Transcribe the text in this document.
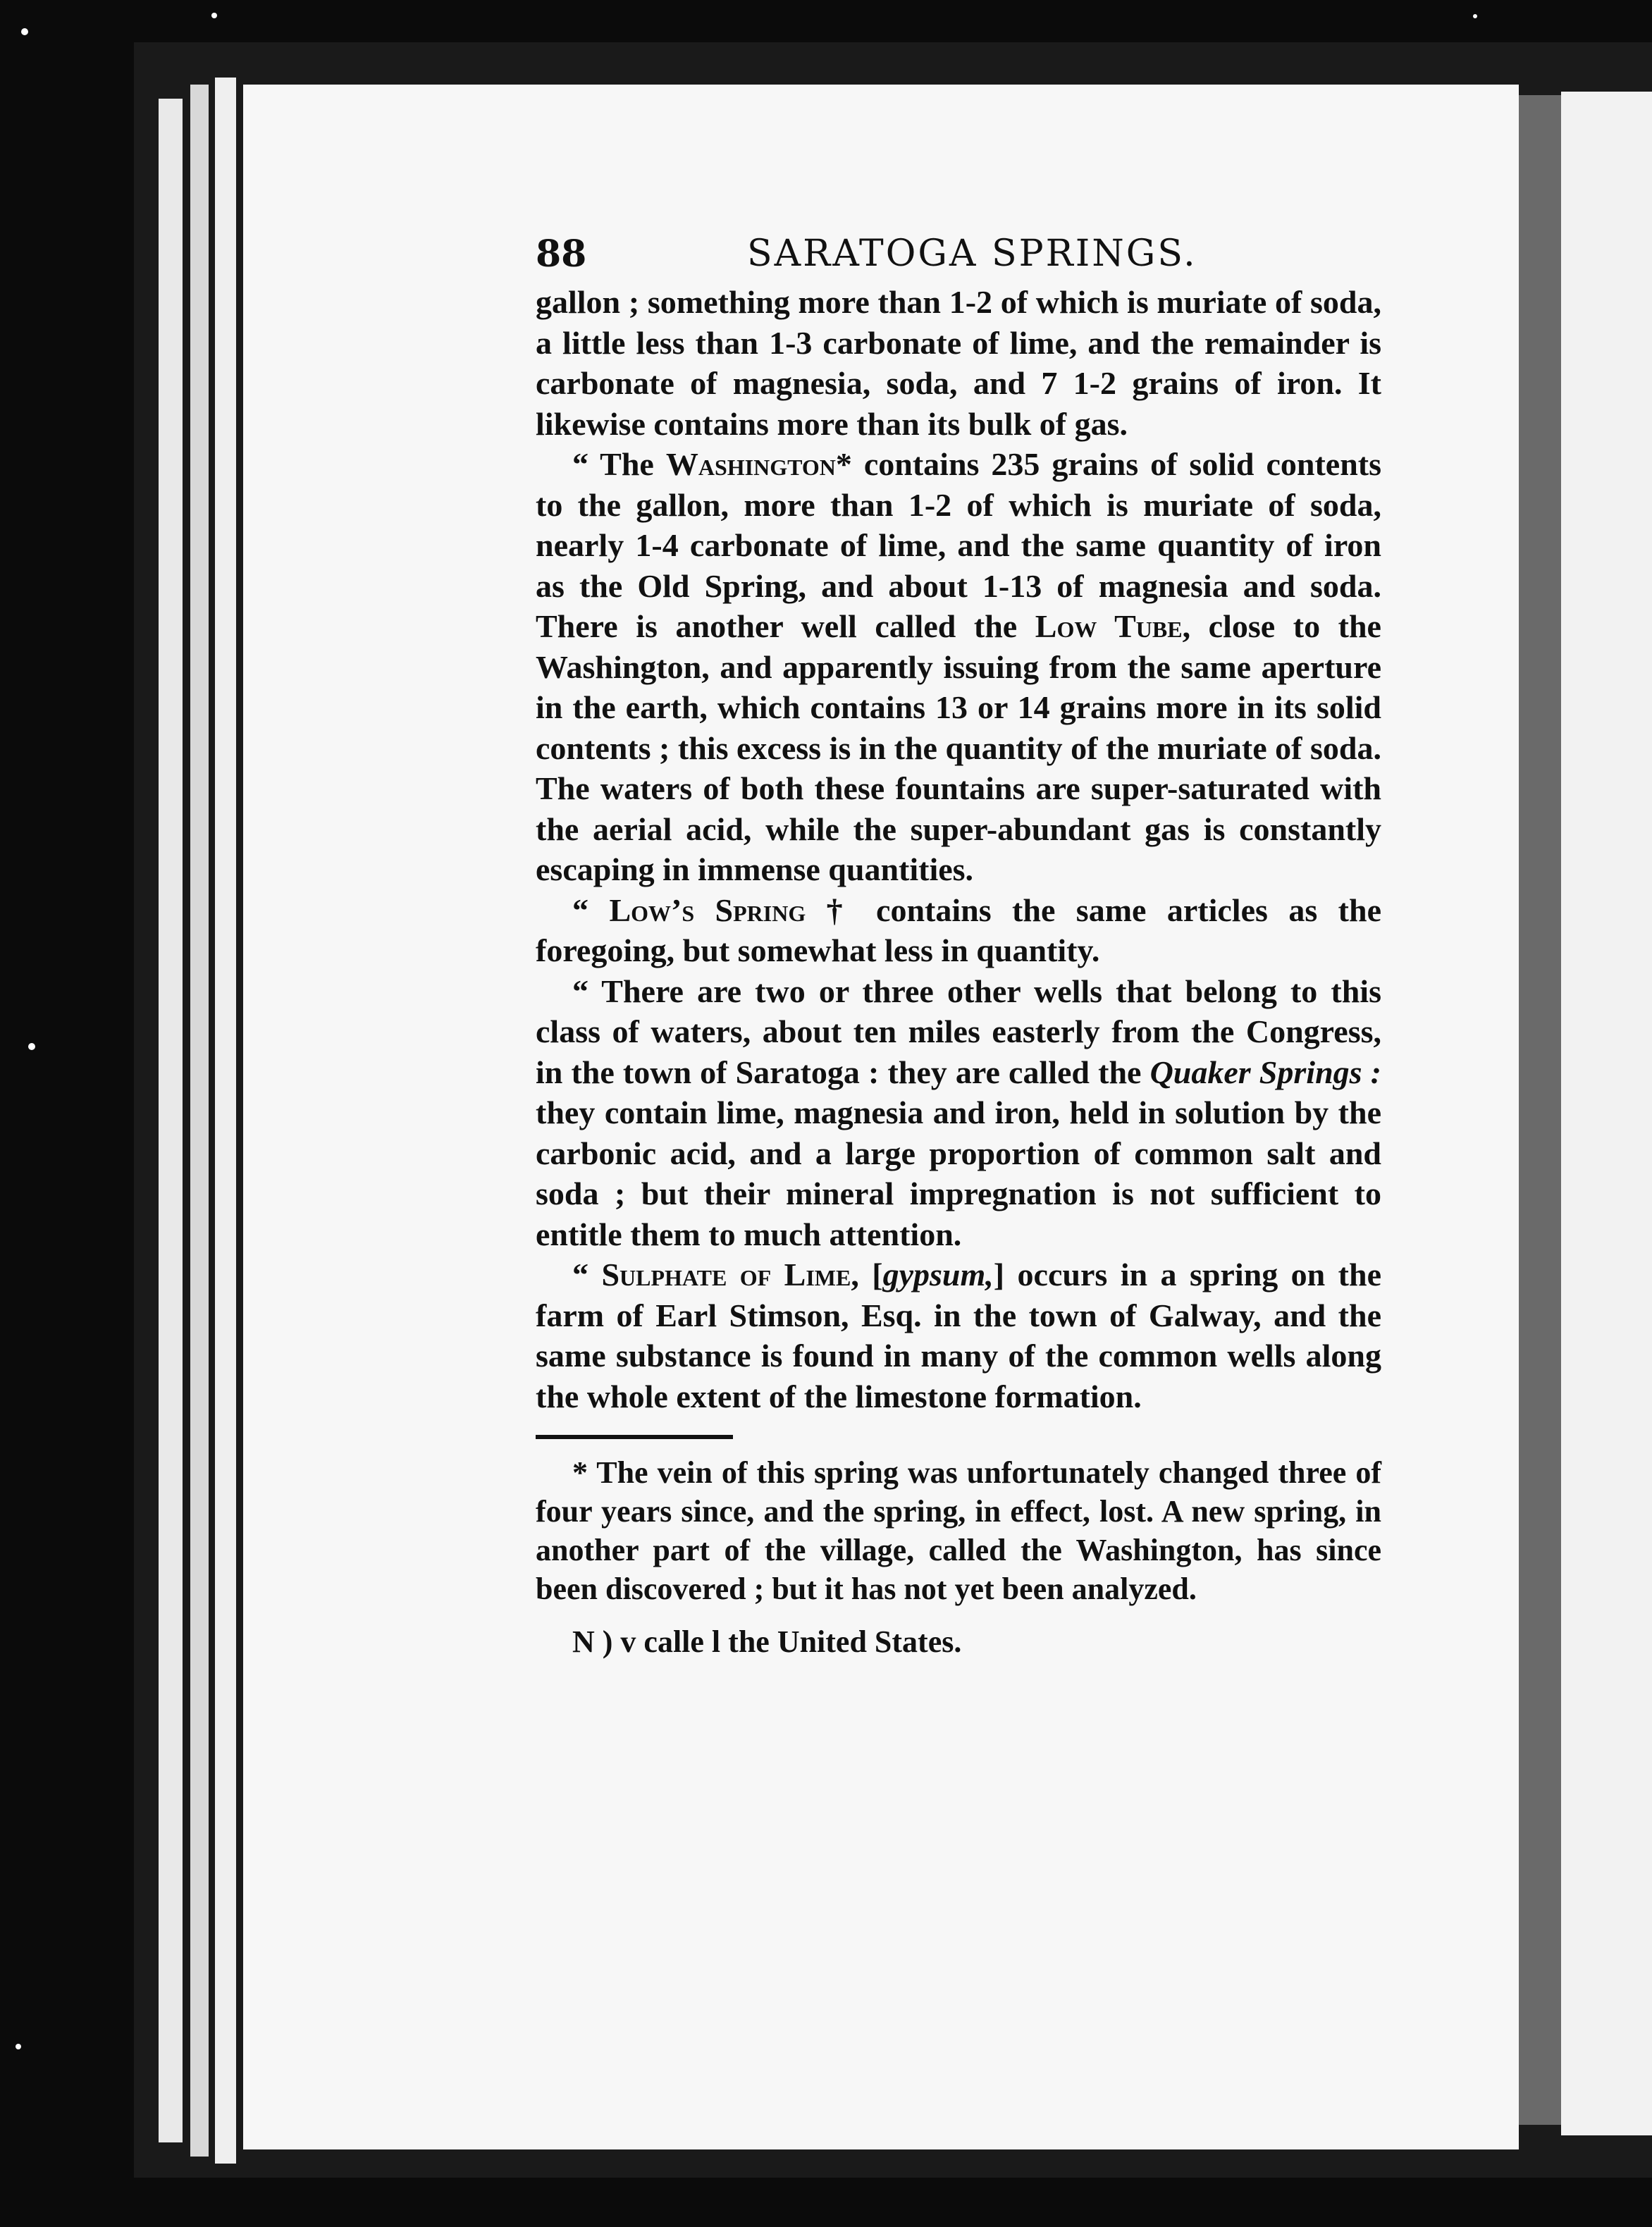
88	SARATOGA SPRINGS.

gallon ; something more than 1-2 of which is muriate of soda, a little less than 1-3 carbonate of lime, and the remainder is carbonate of magnesia, soda, and 7 1-2 grains of iron. It likewise contains more than its bulk of gas.

“ The Washington* contains 235 grains of solid contents to the gallon, more than 1-2 of which is muriate of soda, nearly 1-4 carbonate of lime, and the same quantity of iron as the Old Spring, and about 1-13 of magnesia and soda. There is another well called the Low Tube, close to the Washington, and apparently issuing from the same aperture in the earth, which contains 13 or 14 grains more in its solid contents ; this excess is in the quantity of the muriate of soda. The waters of both these fountains are super-saturated with the aerial acid, while the super-abundant gas is constantly escaping in immense quantities.

“ Low’s Spring † contains the same articles as the foregoing, but somewhat less in quantity.

“ There are two or three other wells that belong to this class of waters, about ten miles easterly from the Congress, in the town of Saratoga : they are called the Quaker Springs : they contain lime, magnesia and iron, held in solution by the carbonic acid, and a large proportion of common salt and soda ; but their mineral impregnation is not sufficient to entitle them to much attention.

“ Sulphate of Lime, [gypsum,] occurs in a spring on the farm of Earl Stimson, Esq. in the town of Galway, and the same substance is found in many of the common wells along the whole extent of the limestone formation.

* The vein of this spring was unfortunately changed three of four years since, and the spring, in effect, lost. A new spring, in another part of the village, called the Washington, has since been discovered ; but it has not yet been analyzed.

N ) v calle l the United States.
